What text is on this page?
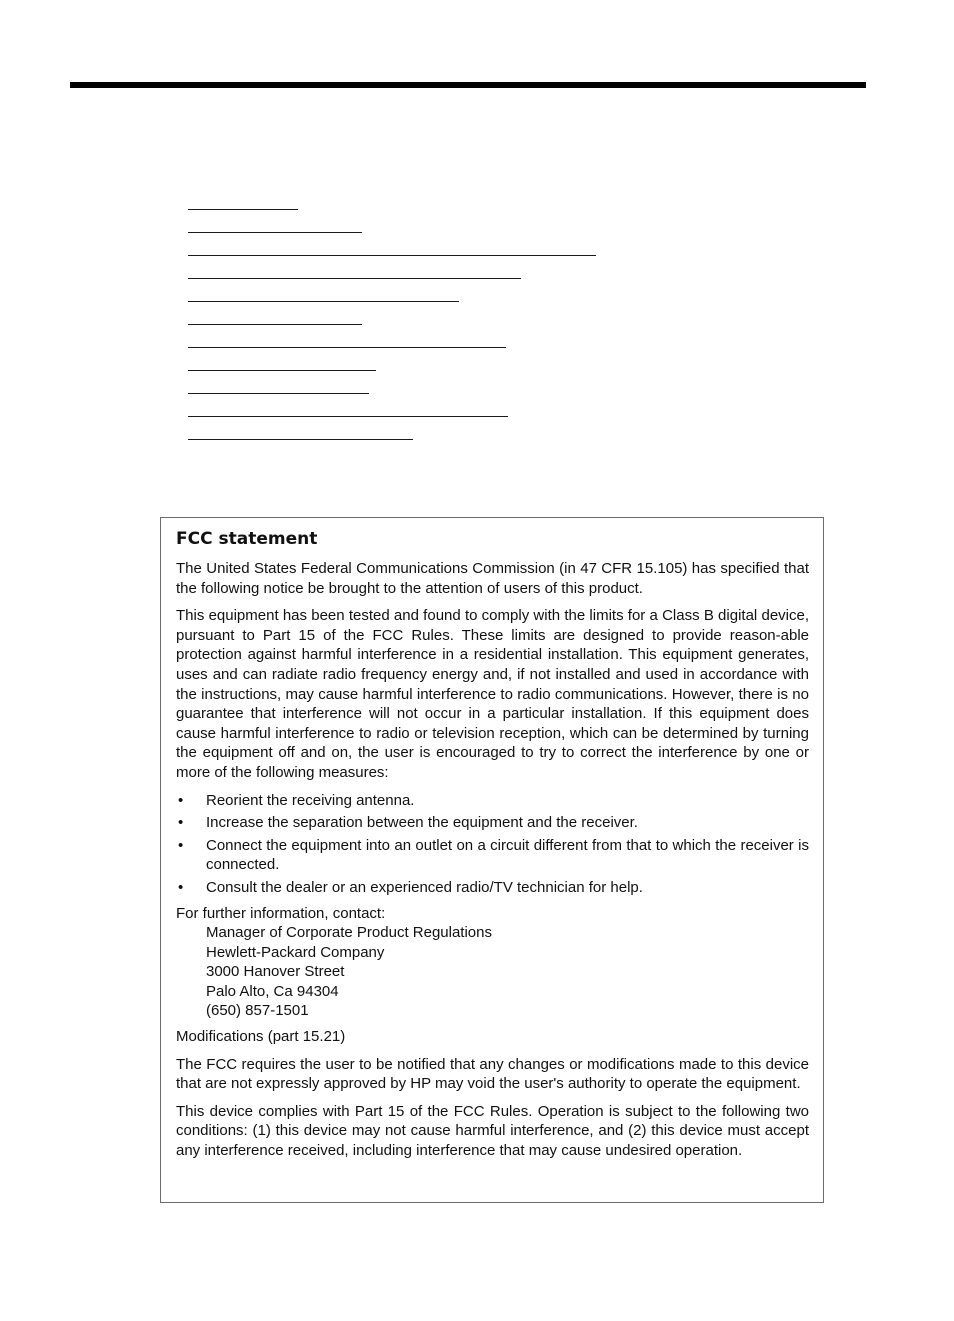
FCC statement

The United States Federal Communications Commission (in 47 CFR 15.105) has specified that the following notice be brought to the attention of users of this product.

This equipment has been tested and found to comply with the limits for a Class B digital device, pursuant to Part 15 of the FCC Rules. These limits are designed to provide reason-able protection against harmful interference in a residential installation. This equipment generates, uses and can radiate radio frequency energy and, if not installed and used in accordance with the instructions, may cause harmful interference to radio communications. However, there is no guarantee that interference will not occur in a particular installation. If this equipment does cause harmful interference to radio or television reception, which can be determined by turning the equipment off and on, the user is encouraged to try to correct the interference by one or more of the following measures:

• Reorient the receiving antenna.
• Increase the separation between the equipment and the receiver.
• Connect the equipment into an outlet on a circuit different from that to which the receiver is connected.
• Consult the dealer or an experienced radio/TV technician for help.

For further information, contact:

Manager of Corporate Product Regulations
Hewlett-Packard Company
3000 Hanover Street
Palo Alto, Ca 94304
(650) 857-1501

Modifications (part 15.21)

The FCC requires the user to be notified that any changes or modifications made to this device that are not expressly approved by HP may void the user's authority to operate the equipment.

This device complies with Part 15 of the FCC Rules. Operation is subject to the following two conditions: (1) this device may not cause harmful interference, and (2) this device must accept any interference received, including interference that may cause undesired operation.
